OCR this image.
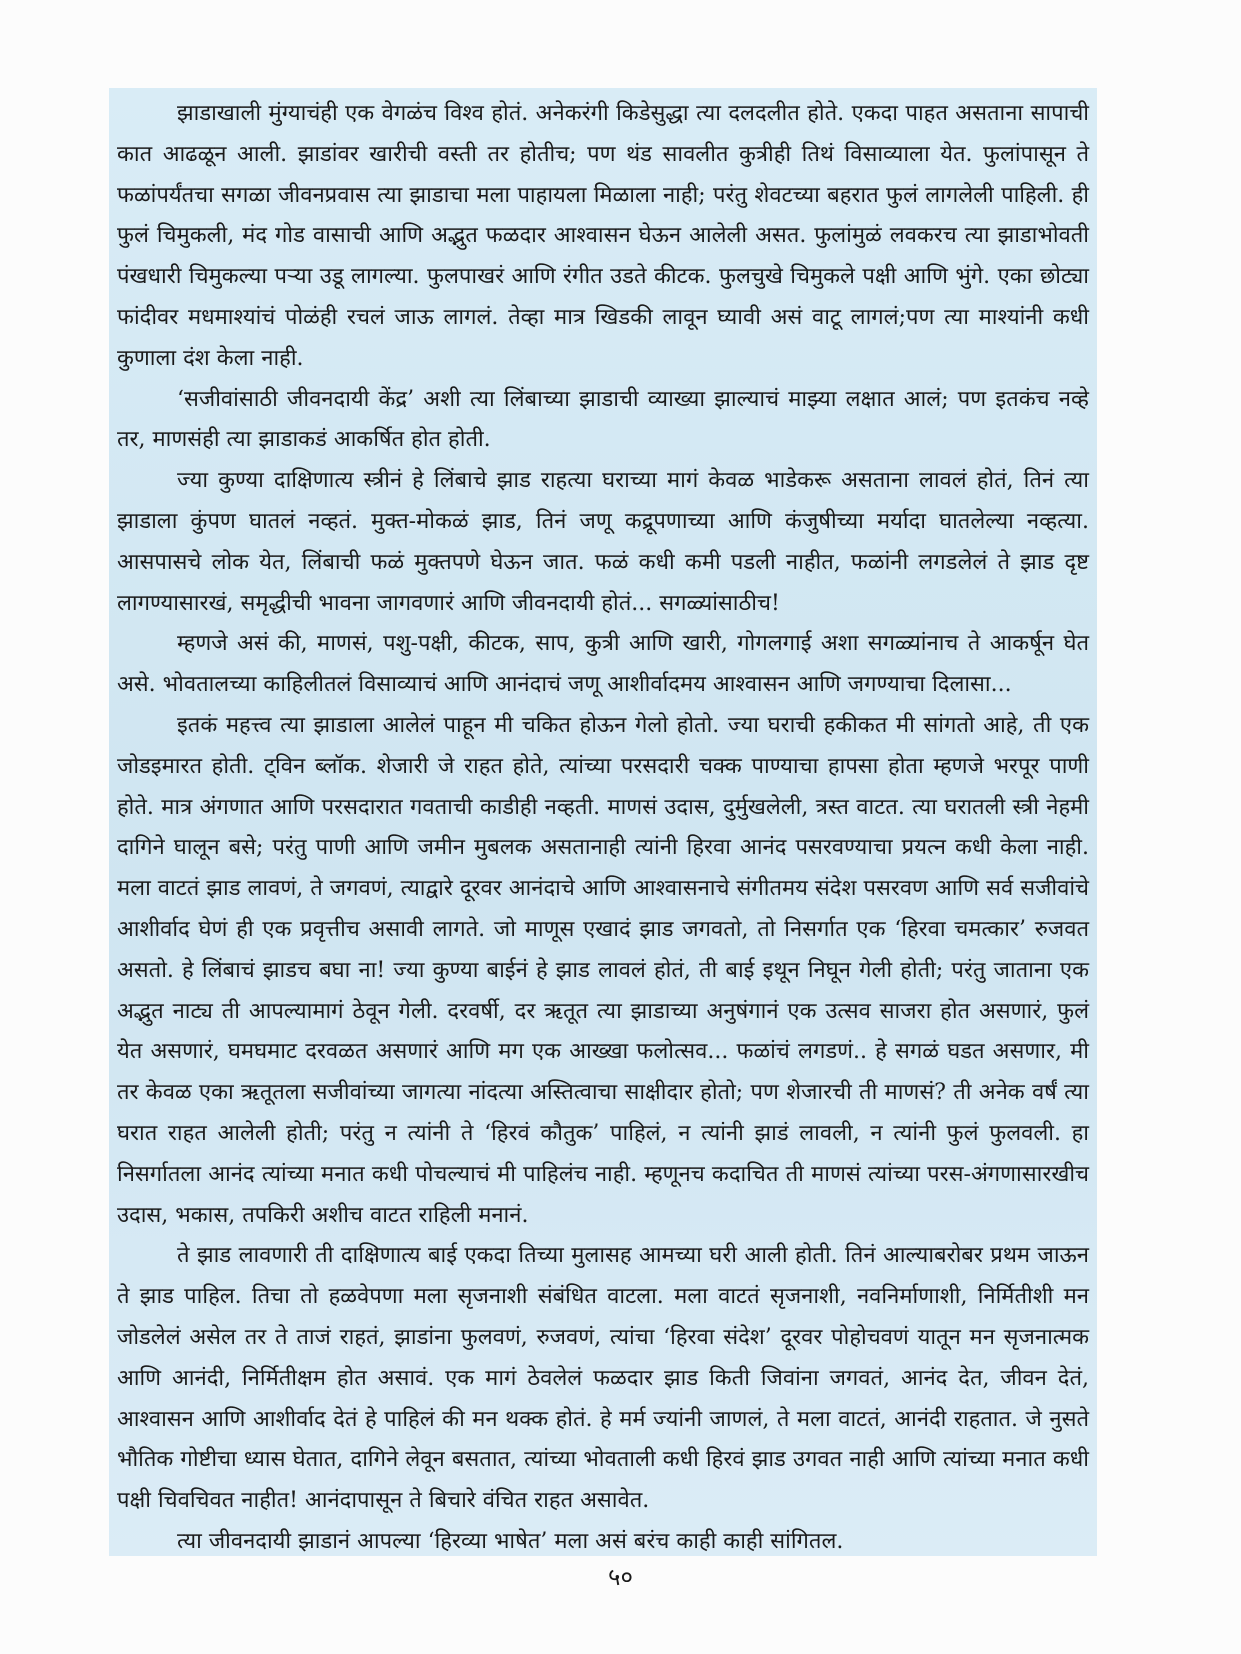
झाडाखाली मुंग्याचंही एक वेगळंच विश्व होतं. अनेकरंगी किडेसुद्धा त्या दलदलीत होते. एकदा पाहत असताना सापाची कात आढळून आली. झाडांवर खारीची वस्ती तर होतीच; पण थंड सावलीत कुत्रीही तिथं विसाव्याला येत. फुलांपासून ते फळांपर्यंतचा सगळा जीवनप्रवास त्या झाडाचा मला पाहायला मिळाला नाही; परंतु शेवटच्या बहरात फुलं लागलेली पाहिली. ही फुलं चिमुकली, मंद गोड वासाची आणि अद्भुत फळदार आश्वासन घेऊन आलेली असत. फुलांमुळं लवकरच त्या झाडाभोवती पंखधारी चिमुकल्या पऱ्या उडू लागल्या. फुलपाखरं आणि रंगीत उडते कीटक. फुलचुखे चिमुकले पक्षी आणि भुंगे. एका छोट्या फांदीवर मधमाश्यांचं पोळंही रचलं जाऊ लागलं. तेव्हा मात्र खिडकी लावून घ्यावी असं वाटू लागलं;पण त्या माश्यांनी कधी कुणाला दंश केला नाही.

‘सजीवांसाठी जीवनदायी केंद्र’ अशी त्या लिंबाच्या झाडाची व्याख्या झाल्याचं माझ्या लक्षात आलं; पण इतकंच नव्हे तर, माणसंही त्या झाडाकडं आकर्षित होत होती.

ज्या कुण्या दाक्षिणात्य स्त्रीनं हे लिंबाचे झाड राहत्या घराच्या मागं केवळ भाडेकरू असताना लावलं होतं, तिनं त्या झाडाला कुंपण घातलं नव्हतं. मुक्त-मोकळं झाड, तिनं जणू कद्रूपणाच्या आणि कंजुषीच्या मर्यादा घातलेल्या नव्हत्या. आसपासचे लोक येत, लिंबाची फळं मुक्तपणे घेऊन जात. फळं कधी कमी पडली नाहीत, फळांनी लगडलेलं ते झाड दृष्ट लागण्यासारखं, समृद्धीची भावना जागवणारं आणि जीवनदायी होतं... सगळ्यांसाठीच!

म्हणजे असं की, माणसं, पशु-पक्षी, कीटक, साप, कुत्री आणि खारी, गोगलगाई अशा सगळ्यांनाच ते आकर्षून घेत असे. भोवतालच्या काहिलीतलं विसाव्याचं आणि आनंदाचं जणू आशीर्वादमय आश्वासन आणि जगण्याचा दिलासा...

इतकं महत्त्व त्या झाडाला आलेलं पाहून मी चकित होऊन गेलो होतो. ज्या घराची हकीकत मी सांगतो आहे, ती एक जोडइमारत होती. ट्विन ब्लॉक. शेजारी जे राहत होते, त्यांच्या परसदारी चक्क पाण्याचा हापसा होता म्हणजे भरपूर पाणी होते. मात्र अंगणात आणि परसदारात गवताची काडीही नव्हती. माणसं उदास, दुर्मुखलेली, त्रस्त वाटत. त्या घरातली स्त्री नेहमी दागिने घालून बसे; परंतु पाणी आणि जमीन मुबलक असतानाही त्यांनी हिरवा आनंद पसरवण्याचा प्रयत्न कधी केला नाही. मला वाटतं झाड लावणं, ते जगवणं, त्याद्वारे दूरवर आनंदाचे आणि आश्वासनाचे संगीतमय संदेश पसरवण आणि सर्व सजीवांचे आशीर्वाद घेणं ही एक प्रवृत्तीच असावी लागते. जो माणूस एखादं झाड जगवतो, तो निसर्गात एक ‘हिरवा चमत्कार’ रुजवत असतो. हे लिंबाचं झाडच बघा ना! ज्या कुण्या बाईनं हे झाड लावलं होतं, ती बाई इथून निघून गेली होती; परंतु जाताना एक अद्भुत नाट्य ती आपल्यामागं ठेवून गेली. दरवर्षी, दर ऋतूत त्या झाडाच्या अनुषंगानं एक उत्सव साजरा होत असणारं, फुलं येत असणारं, घमघमाट दरवळत असणारं आणि मग एक आख्खा फलोत्सव... फळांचं लगडणं.. हे सगळं घडत असणार, मी तर केवळ एका ऋतूतला सजीवांच्या जागत्या नांदत्या अस्तित्वाचा साक्षीदार होतो; पण शेजारची ती माणसं? ती अनेक वर्षं त्या घरात राहत आलेली होती; परंतु न त्यांनी ते ‘हिरवं कौतुक’ पाहिलं, न त्यांनी झाडं लावली, न त्यांनी फुलं फुलवली. हा निसर्गातला आनंद त्यांच्या मनात कधी पोचल्याचं मी पाहिलंच नाही. म्हणूनच कदाचित ती माणसं त्यांच्या परस-अंगणासारखीच उदास, भकास, तपकिरी अशीच वाटत राहिली मनानं.

ते झाड लावणारी ती दाक्षिणात्य बाई एकदा तिच्या मुलासह आमच्या घरी आली होती. तिनं आल्याबरोबर प्रथम जाऊन ते झाड पाहिल. तिचा तो हळवेपणा मला सृजनाशी संबंधित वाटला. मला वाटतं सृजनाशी, नवनिर्माणाशी, निर्मितीशी मन जोडलेलं असेल तर ते ताजं राहतं, झाडांना फुलवणं, रुजवणं, त्यांचा ‘हिरवा संदेश’ दूरवर पोहोचवणं यातून मन सृजनात्मक आणि आनंदी, निर्मितीक्षम होत असावं. एक मागं ठेवलेलं फळदार झाड किती जिवांना जगवतं, आनंद देत, जीवन देतं, आश्वासन आणि आशीर्वाद देतं हे पाहिलं की मन थक्क होतं. हे मर्म ज्यांनी जाणलं, ते मला वाटतं, आनंदी राहतात. जे नुसते भौतिक गोष्टीचा ध्यास घेतात, दागिने लेवून बसतात, त्यांच्या भोवताली कधी हिरवं झाड उगवत नाही आणि त्यांच्या मनात कधी पक्षी चिवचिवत नाहीत! आनंदापासून ते बिचारे वंचित राहत असावेत.

त्या जीवनदायी झाडानं आपल्या ‘हिरव्या भाषेत’ मला असं बरंच काही काही सांगितल.

५०
